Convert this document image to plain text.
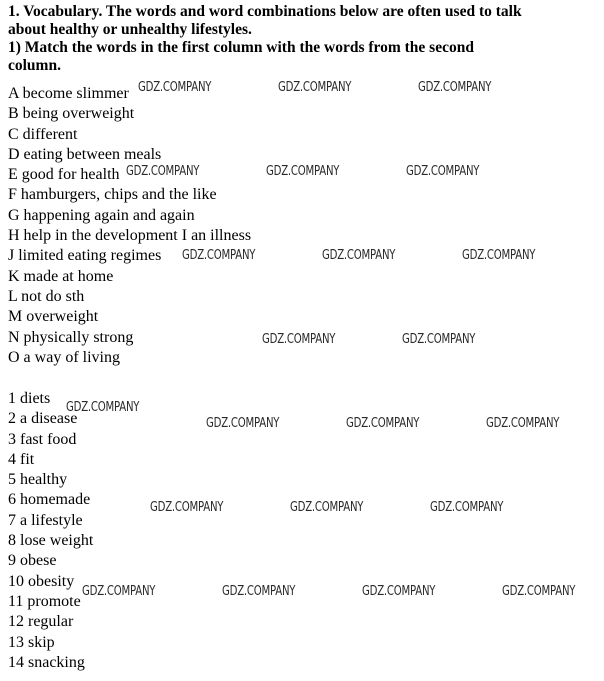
1. Vocabulary. The words and word combinations below are often used to talk
about healthy or unhealthy lifestyles.
1) Match the words in the first column with the words from the second
column.
A become slimmer
B being overweight
C different
D eating between meals
E good for health
F hamburgers, chips and the like
G happening again and again
H help in the development I an illness
J limited eating regimes
K made at home
L not do sth
M overweight
N physically strong
O a way of living
1 diets
2 a disease
3 fast food
4 fit
5 healthy
6 homemade
7 a lifestyle
8 lose weight
9 obese
10 obesity
11 promote
12 regular
13 skip
14 snacking
GDZ.COMPANY	GDZ.COMPANY	GDZ.COMPANY
GDZ.COMPANY	GDZ.COMPANY	GDZ.COMPANY
GDZ.COMPANY	GDZ.COMPANY	GDZ.COMPANY
GDZ.COMPANY	GDZ.COMPANY
GDZ.COMPANY
GDZ.COMPANY	GDZ.COMPANY	GDZ.COMPANY
GDZ.COMPANY	GDZ.COMPANY	GDZ.COMPANY
GDZ.COMPANY	GDZ.COMPANY	GDZ.COMPANY	GDZ.COMPANY
